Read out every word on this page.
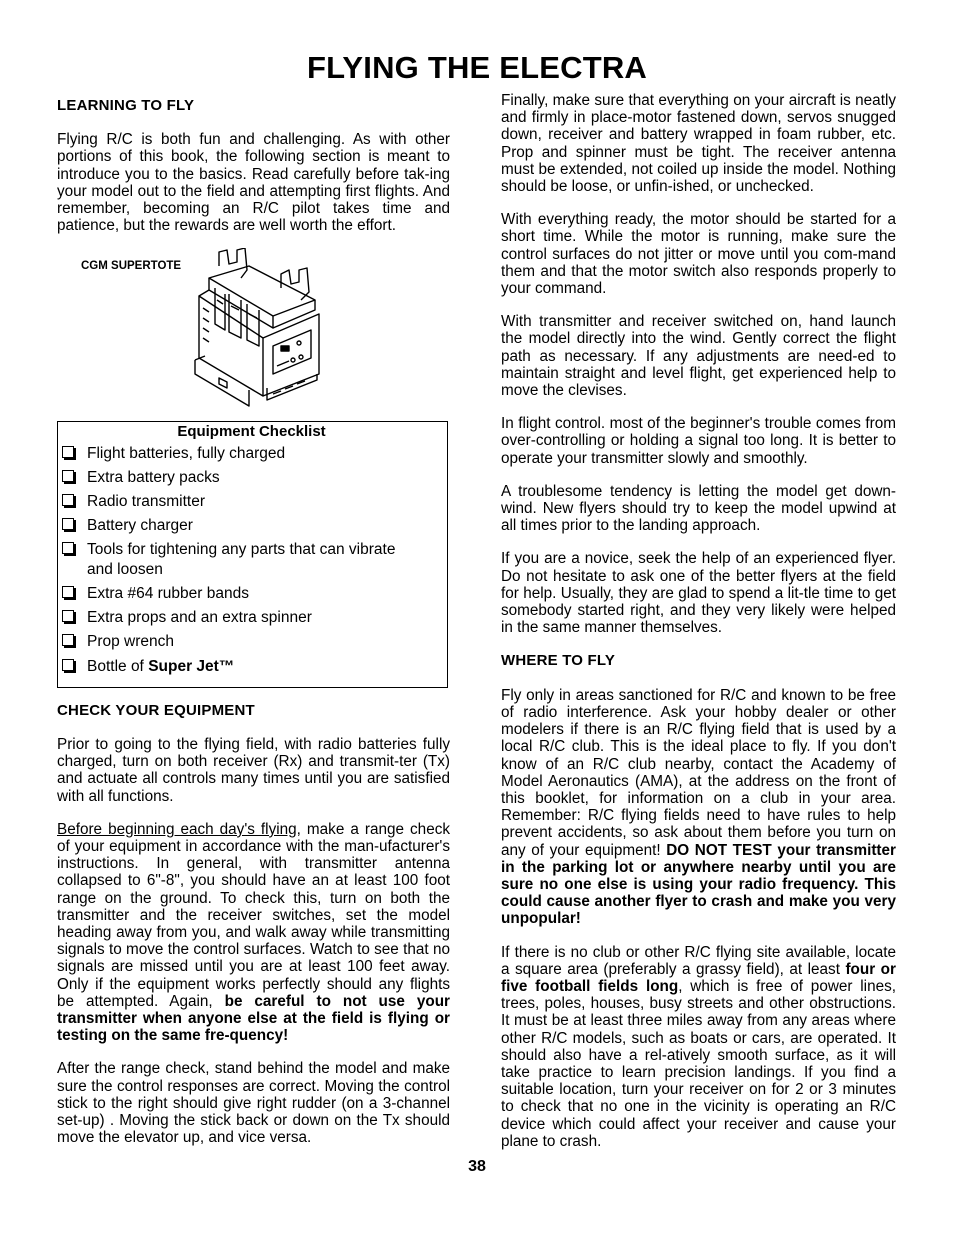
FLYING THE ELECTRA
LEARNING TO FLY

Flying R/C is both fun and challenging. As with other portions of this book, the following section is meant to introduce you to the basics. Read carefully before tak-ing your model out to the field and attempting first flights. And remember, becoming an R/C pilot takes time and patience, but the rewards are well worth the effort.

CGM SUPERTOTE
Equipment Checklist
Flight batteries, fully charged
Extra battery packs
Radio transmitter
Battery charger
Tools for tightening any parts that can vibrate and loosen
Extra #64 rubber bands
Extra props and an extra spinner
Prop wrench
Bottle of Super Jet™
CHECK YOUR EQUIPMENT

Prior to going to the flying field, with radio batteries fully charged, turn on both receiver (Rx) and transmit-ter (Tx) and actuate all controls many times until you are satisfied with all functions.

Before beginning each day's flying, make a range check of your equipment in accordance with the man-ufacturer's instructions. In general, with transmitter antenna collapsed to 6"-8", you should have an at least 100 foot range on the ground. To check this, turn on both the transmitter and the receiver switches, set the model heading away from you, and walk away while transmitting signals to move the control surfaces. Watch to see that no signals are missed until you are at least 100 feet away. Only if the equipment works perfectly should any flights be attempted. Again, be careful to not use your transmitter when anyone else at the field is flying or testing on the same fre-quency!

After the range check, stand behind the model and make sure the control responses are correct. Moving the control stick to the right should give right rudder (on a 3-channel set-up) . Moving the stick back or down on the Tx should move the elevator up, and vice versa.

Finally, make sure that everything on your aircraft is neatly and firmly in place-motor fastened down, servos snugged down, receiver and battery wrapped in foam rubber, etc. Prop and spinner must be tight. The receiver antenna must be extended, not coiled up inside the model. Nothing should be loose, or unfin-ished, or unchecked.

With everything ready, the motor should be started for a short time. While the motor is running, make sure the control surfaces do not jitter or move until you com-mand them and that the motor switch also responds properly to your command.

With transmitter and receiver switched on, hand launch the model directly into the wind. Gently correct the flight path as necessary. If any adjustments are need-ed to maintain straight and level flight, get experienced help to move the clevises.

In flight control. most of the beginner's trouble comes from over-controlling or holding a signal too long. It is better to operate your transmitter slowly and smoothly.

A troublesome tendency is letting the model get down-wind. New flyers should try to keep the model upwind at all times prior to the landing approach.

If you are a novice, seek the help of an experienced flyer. Do not hesitate to ask one of the better flyers at the field for help. Usually, they are glad to spend a lit-tle time to get somebody started right, and they very likely were helped in the same manner themselves.

WHERE TO FLY

Fly only in areas sanctioned for R/C and known to be free of radio interference. Ask your hobby dealer or other modelers if there is an R/C flying field that is used by a local R/C club. This is the ideal place to fly. If you don't know of an R/C club nearby, contact the Academy of Model Aeronautics (AMA), at the address on the front of this booklet, for information on a club in your area. Remember: R/C flying fields need to have rules to help prevent accidents, so ask about them before you turn on any of your equipment! DO NOT TEST your transmitter in the parking lot or anywhere nearby until you are sure no one else is using your radio frequency. This could cause another flyer to crash and make you very unpopular!

If there is no club or other R/C flying site available, locate a square area (preferably a grassy field), at least four or five football fields long, which is free of power lines, trees, poles, houses, busy streets and other obstructions. It must be at least three miles away from any areas where other R/C models, such as boats or cars, are operated. It should also have a rel-atively smooth surface, as it will take practice to learn precision landings. If you find a suitable location, turn your receiver on for 2 or 3 minutes to check that no one in the vicinity is operating an R/C device which could affect your receiver and cause your plane to crash.

38
